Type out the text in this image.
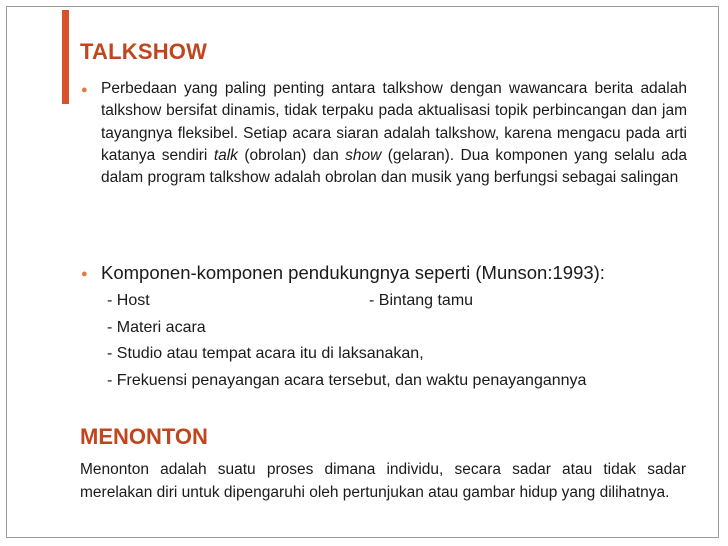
TALKSHOW
● Perbedaan yang paling penting antara talkshow dengan wawancara berita adalah talkshow bersifat dinamis, tidak terpaku pada aktualisasi topik perbincangan dan jam tayangnya fleksibel. Setiap acara siaran adalah talkshow, karena mengacu pada arti katanya sendiri talk (obrolan) dan show (gelaran). Dua komponen yang selalu ada dalam program talkshow adalah obrolan dan musik yang berfungsi sebagai salingan
● Komponen-komponen pendukungnya seperti (Munson:1993):
- Host	- Bintang tamu
- Materi acara
- Studio atau tempat acara itu di laksanakan,
- Frekuensi penayangan acara tersebut, dan waktu penayangannya
MENONTON
Menonton adalah suatu proses dimana individu, secara sadar atau tidak sadar merelakan diri untuk dipengaruhi oleh pertunjukan atau gambar hidup yang dilihatnya.
